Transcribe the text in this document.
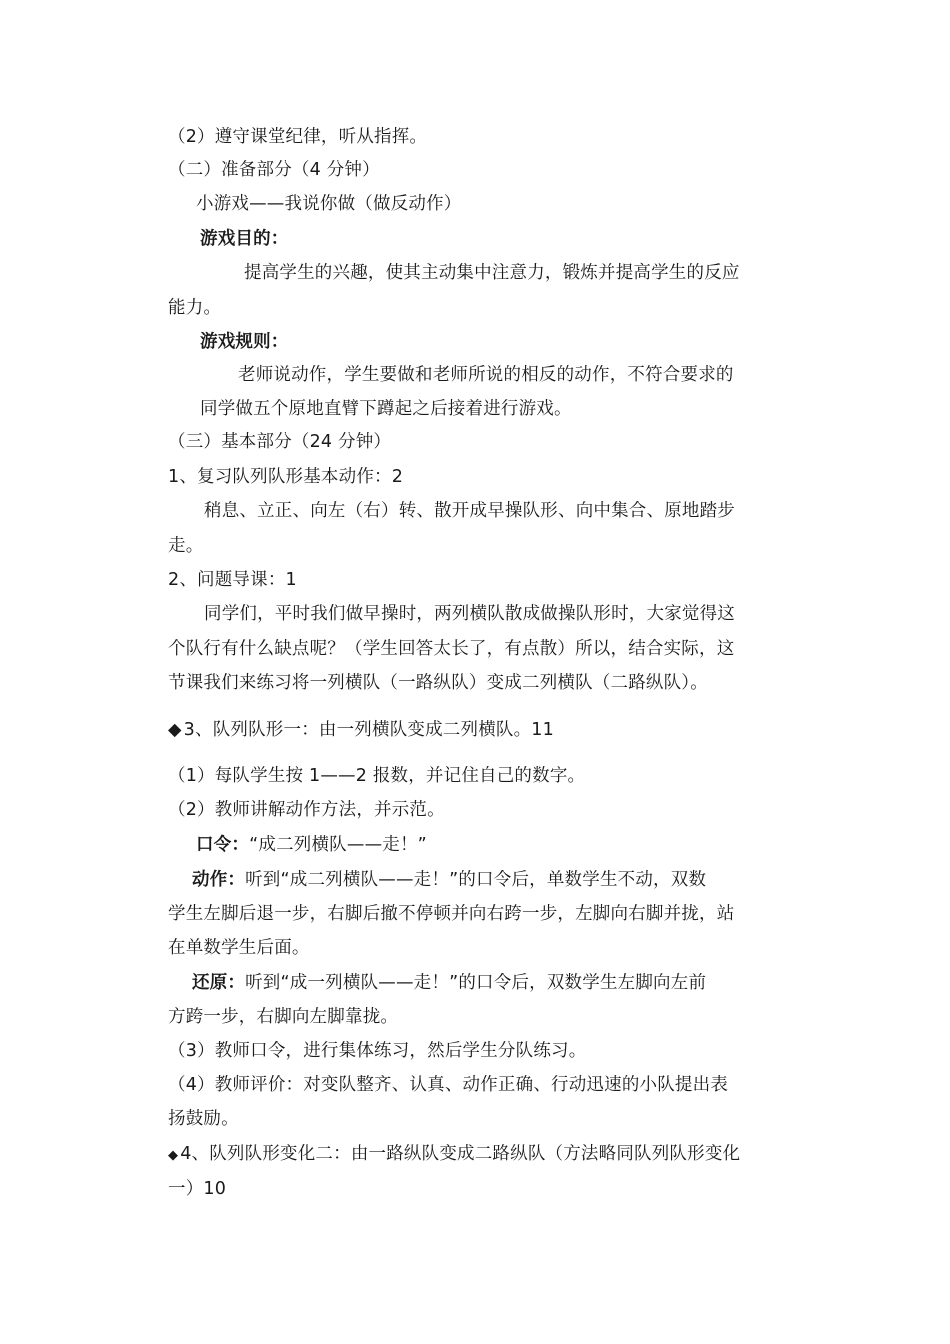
（2）遵守课堂纪律，听从指挥。
（二）准备部分（4 分钟）
小游戏——我说你做（做反动作）
游戏目的：
提高学生的兴趣，使其主动集中注意力，锻炼并提高学生的反应
能力。
游戏规则：
老师说动作，学生要做和老师所说的相反的动作，不符合要求的
同学做五个原地直臂下蹲起之后接着进行游戏。
（三）基本部分（24 分钟）
1、复习队列队形基本动作：2
稍息、立正、向左（右）转、散开成早操队形、向中集合、原地踏步
走。
2、问题导课：1
同学们，平时我们做早操时，两列横队散成做操队形时，大家觉得这
个队行有什么缺点呢？（学生回答太长了，有点散）所以，结合实际，这
节课我们来练习将一列横队（一路纵队）变成二列横队（二路纵队）。
◆ 3、队列队形一：由一列横队变成二列横队。11
（1）每队学生按 1——2 报数，并记住自己的数字。
（2）教师讲解动作方法，并示范。
口令：“成二列横队——走！”
动作：听到“成二列横队——走！”的口令后，单数学生不动，双数
学生左脚后退一步，右脚后撤不停顿并向右跨一步，左脚向右脚并拢，站
在单数学生后面。
还原：听到“成一列横队——走！”的口令后，双数学生左脚向左前
方跨一步，右脚向左脚靠拢。
（3）教师口令，进行集体练习，然后学生分队练习。
（4）教师评价：对变队整齐、认真、动作正确、行动迅速的小队提出表
扬鼓励。
◆ 4、队列队形变化二：由一路纵队变成二路纵队（方法略同队列队形变化
一）10
